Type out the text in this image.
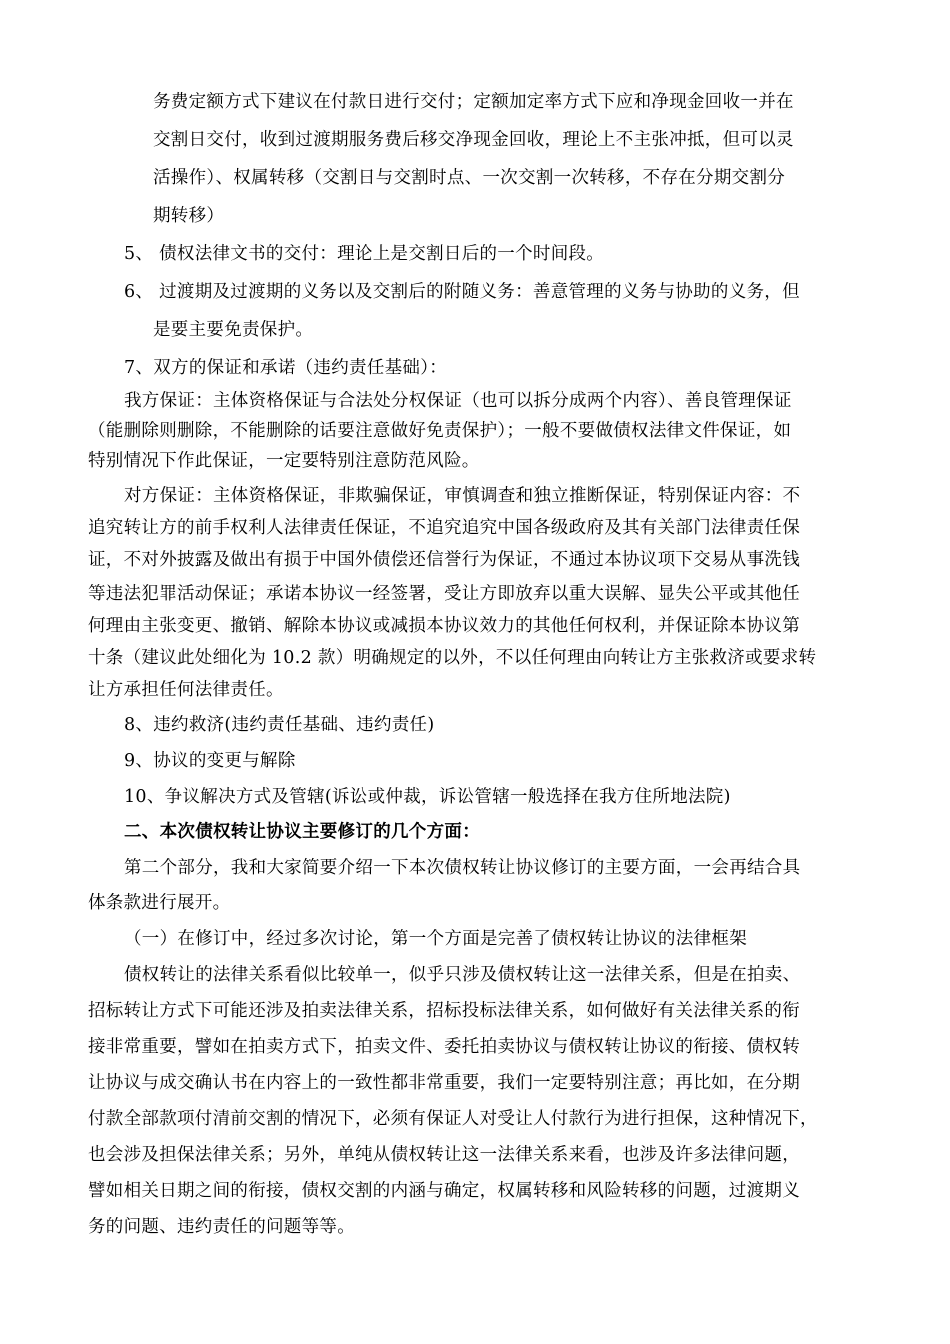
务费定额方式下建议在付款日进行交付；定额加定率方式下应和净现金回收一并在

交割日交付，收到过渡期服务费后移交净现金回收，理论上不主张冲抵，但可以灵

活操作）、权属转移（交割日与交割时点、一次交割一次转移，不存在分期交割分

期转移）

5、 债权法律文书的交付：理论上是交割日后的一个时间段。

6、 过渡期及过渡期的义务以及交割后的附随义务：善意管理的义务与协助的义务，但

是要主要免责保护。

7、双方的保证和承诺（违约责任基础）：

我方保证：主体资格保证与合法处分权保证（也可以拆分成两个内容）、善良管理保证

（能删除则删除，不能删除的话要注意做好免责保护）；一般不要做债权法律文件保证，如

特别情况下作此保证，一定要特别注意防范风险。

对方保证：主体资格保证，非欺骗保证，审慎调查和独立推断保证，特别保证内容：不

追究转让方的前手权利人法律责任保证，不追究追究中国各级政府及其有关部门法律责任保

证，不对外披露及做出有损于中国外债偿还信誉行为保证，不通过本协议项下交易从事洗钱

等违法犯罪活动保证；承诺本协议一经签署，受让方即放弃以重大误解、显失公平或其他任

何理由主张变更、撤销、解除本协议或减损本协议效力的其他任何权利，并保证除本协议第

十条（建议此处细化为 10.2 款）明确规定的以外，不以任何理由向转让方主张救济或要求转

让方承担任何法律责任。

8、违约救济(违约责任基础、违约责任)

9、协议的变更与解除

10、争议解决方式及管辖(诉讼或仲裁，诉讼管辖一般选择在我方住所地法院)

二、本次债权转让协议主要修订的几个方面：

第二个部分，我和大家简要介绍一下本次债权转让协议修订的主要方面，一会再结合具

体条款进行展开。

（一）在修订中，经过多次讨论，第一个方面是完善了债权转让协议的法律框架

债权转让的法律关系看似比较单一，似乎只涉及债权转让这一法律关系，但是在拍卖、

招标转让方式下可能还涉及拍卖法律关系，招标投标法律关系，如何做好有关法律关系的衔

接非常重要，譬如在拍卖方式下，拍卖文件、委托拍卖协议与债权转让协议的衔接、债权转

让协议与成交确认书在内容上的一致性都非常重要，我们一定要特别注意；再比如，在分期

付款全部款项付清前交割的情况下，必须有保证人对受让人付款行为进行担保，这种情况下，

也会涉及担保法律关系；另外，单纯从债权转让这一法律关系来看，也涉及许多法律问题，

譬如相关日期之间的衔接，债权交割的内涵与确定，权属转移和风险转移的问题，过渡期义

务的问题、违约责任的问题等等。
